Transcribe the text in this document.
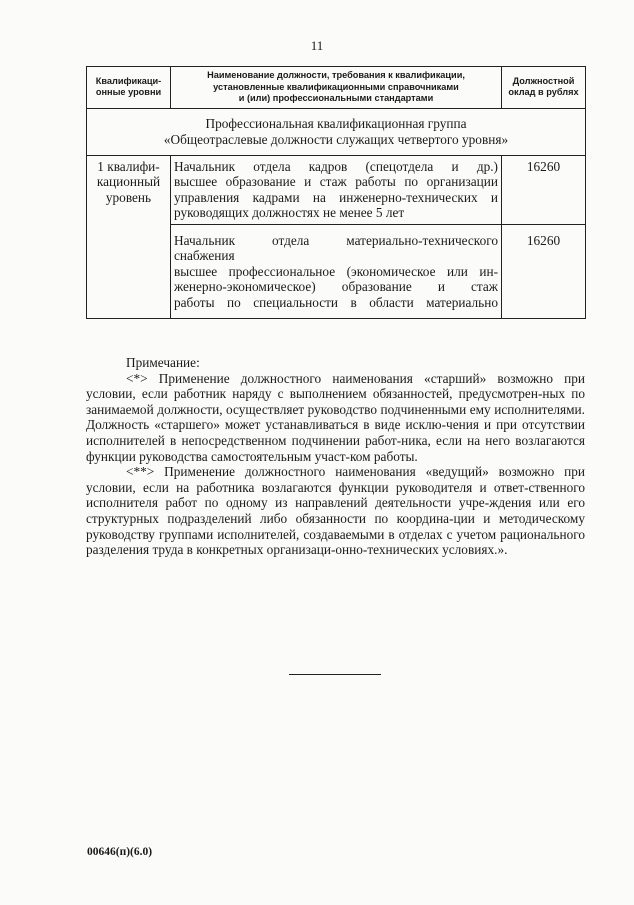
11
Квалификаци-
онные уровни	Наименование должности, требования к квалификации,
установленные квалификационными справочниками
и (или) профессиональными стандартами	Должностной
оклад в рублях
Профессиональная квалификационная группа
«Общеотраслевые должности служащих четвертого уровня»		
1 квалифи-
кационный
уровень	Начальник отдела кадров (спецотдела и др.)
высшее образование и стаж работы по организации
управления кадрами на инженерно-технических и
руководящих должностях не менее 5 лет	16260

	Начальник отдела материально-технического
снабжения
высшее профессиональное (экономическое или ин-
женерно-экономическое) образование и стаж
работы по специальности в области материально	16260

Примечание:

<*> Применение должностного наименования «старший» возможно при условии, если работник наряду с выполнением обязанностей, предусмотрен-ных по занимаемой должности, осуществляет руководство подчиненными ему исполнителями. Должность «старшего» может устанавливаться в виде исклю-чения и при отсутствии исполнителей в непосредственном подчинении работ-ника, если на него возлагаются функции руководства самостоятельным участ-ком работы.

<**> Применение должностного наименования «ведущий» возможно при условии, если на работника возлагаются функции руководителя и ответ-ственного исполнителя работ по одному из направлений деятельности учре-ждения или его структурных подразделений либо обязанности по координа-ции и методическому руководству группами исполнителей, создаваемыми в отделах с учетом рационального разделения труда в конкретных организаци-онно-технических условиях.».

00646(п)(6.0)
